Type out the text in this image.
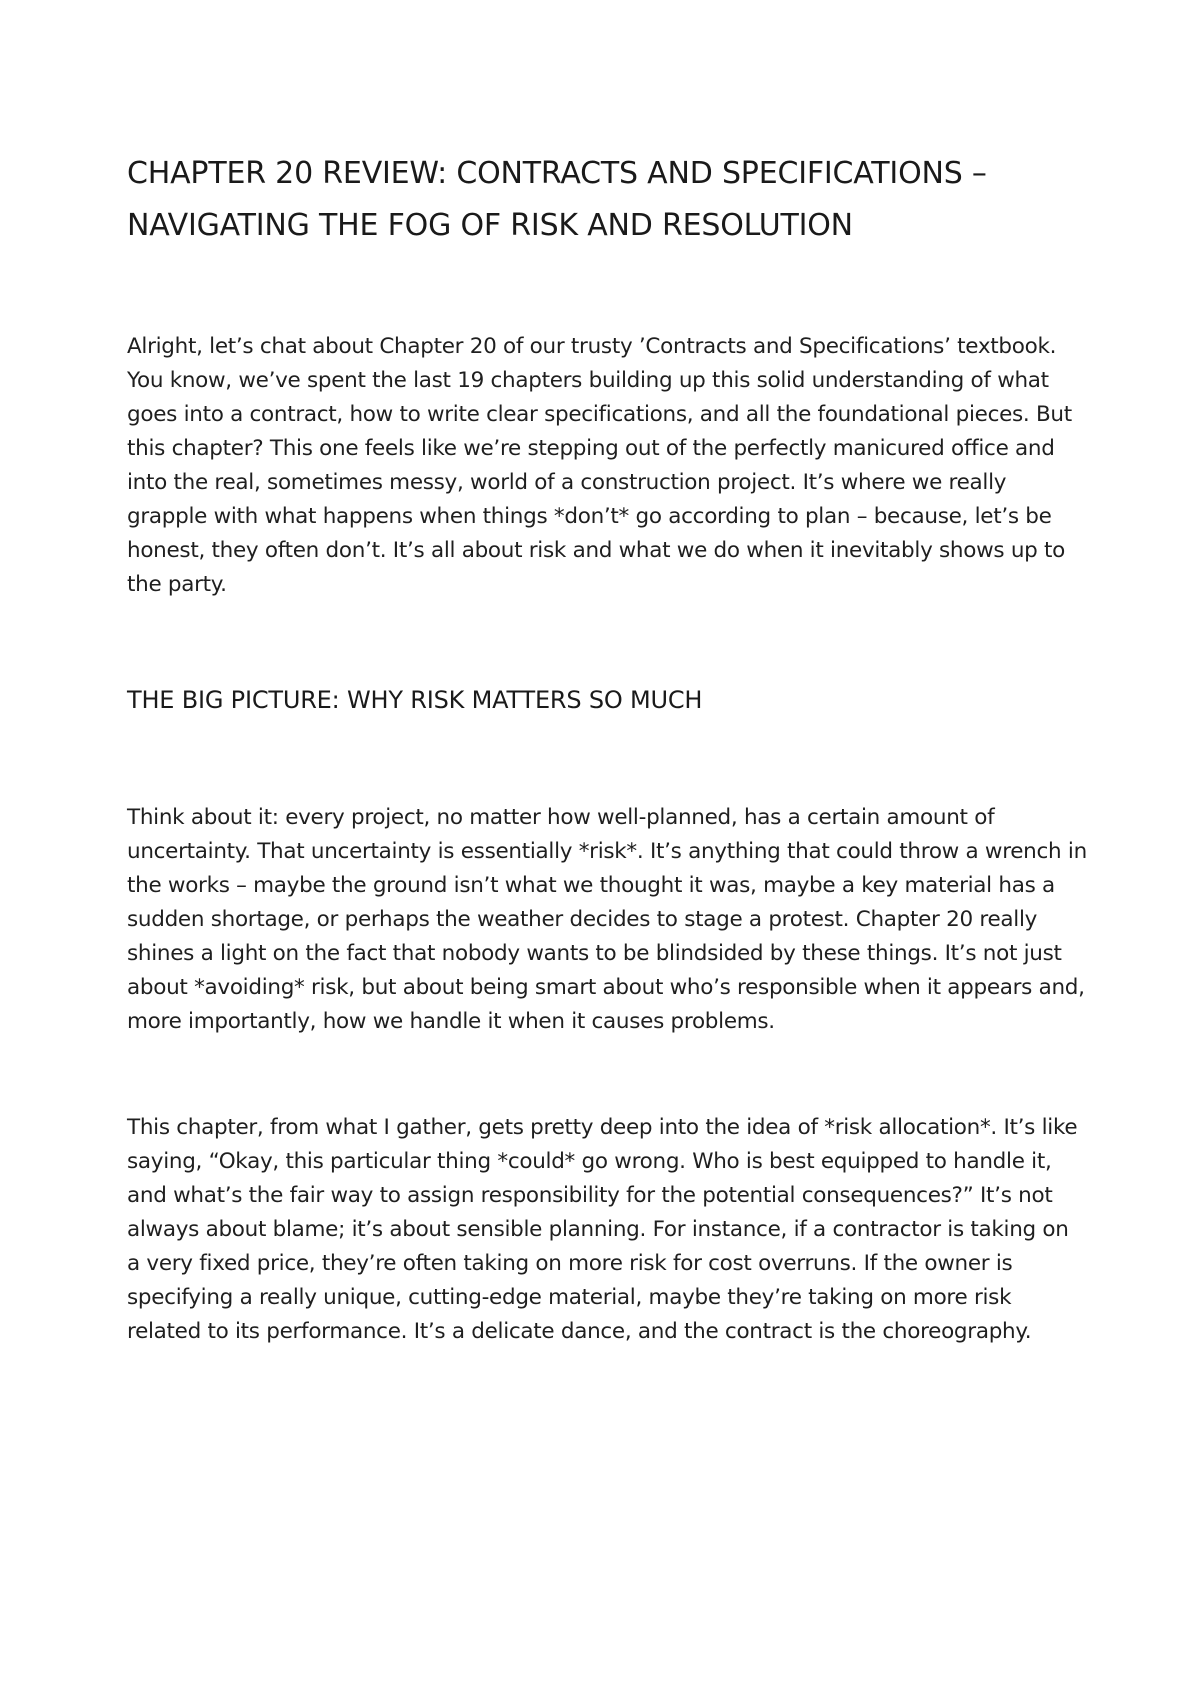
CHAPTER 20 REVIEW: CONTRACTS AND SPECIFICATIONS – NAVIGATING THE FOG OF RISK AND RESOLUTION

Alright, let’s chat about Chapter 20 of our trusty ’Contracts and Specifications’ textbook. You know, we’ve spent the last 19 chapters building up this solid understanding of what goes into a contract, how to write clear specifications, and all the foundational pieces. But this chapter? This one feels like we’re stepping out of the perfectly manicured office and into the real, sometimes messy, world of a construction project. It’s where we really grapple with what happens when things *don’t* go according to plan – because, let’s be honest, they often don’t. It’s all about risk and what we do when it inevitably shows up to the party.

THE BIG PICTURE: WHY RISK MATTERS SO MUCH

Think about it: every project, no matter how well-planned, has a certain amount of uncertainty. That uncertainty is essentially *risk*. It’s anything that could throw a wrench in the works – maybe the ground isn’t what we thought it was, maybe a key material has a sudden shortage, or perhaps the weather decides to stage a protest. Chapter 20 really shines a light on the fact that nobody wants to be blindsided by these things. It’s not just about *avoiding* risk, but about being smart about who’s responsible when it appears and, more importantly, how we handle it when it causes problems.

This chapter, from what I gather, gets pretty deep into the idea of *risk allocation*. It’s like saying, “Okay, this particular thing *could* go wrong. Who is best equipped to handle it, and what’s the fair way to assign responsibility for the potential consequences?” It’s not always about blame; it’s about sensible planning. For instance, if a contractor is taking on a very fixed price, they’re often taking on more risk for cost overruns. If the owner is specifying a really unique, cutting-edge material, maybe they’re taking on more risk related to its performance. It’s a delicate dance, and the contract is the choreography.
